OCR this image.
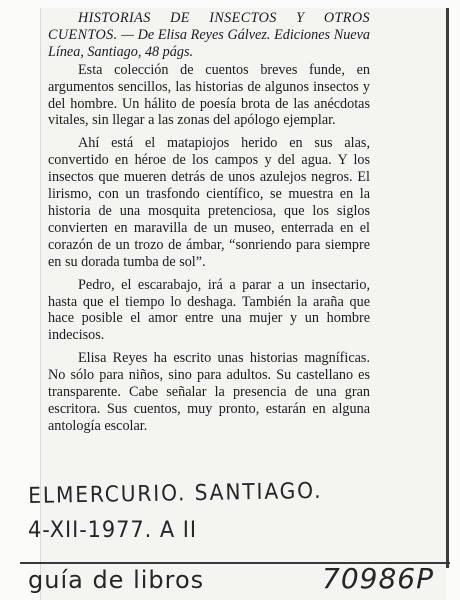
HISTORIAS DE INSECTOS Y OTROS CUENTOS. — De Elisa Reyes Gálvez. Ediciones Nueva Línea, Santiago, 48 págs.

Esta colección de cuentos breves funde, en argumentos sencillos, las historias de algunos insectos y del hombre. Un hálito de poesía brota de las anécdotas vitales, sin llegar a las zonas del apólogo ejemplar.

Ahí está el matapiojos herido en sus alas, convertido en héroe de los campos y del agua. Y los insectos que mueren detrás de unos azulejos negros. El lirismo, con un trasfondo científico, se muestra en la historia de una mosquita pretenciosa, que los siglos convierten en maravilla de un museo, enterrada en el corazón de un trozo de ámbar, “sonriendo para siempre en su dorada tumba de sol”.

Pedro, el escarabajo, irá a parar a un insectario, hasta que el tiempo lo deshaga. También la araña que hace posible el amor entre una mujer y un hombre indecisos.

Elisa Reyes ha escrito unas historias magníficas. No sólo para niños, sino para adultos. Su castellano es transparente. Cabe señalar la presencia de una gran escritora. Sus cuentos, muy pronto, estarán en alguna antología escolar.

ELMERCURIO. SANTIAGO.
4-XII-1977. A II
guía de libros	70986P
